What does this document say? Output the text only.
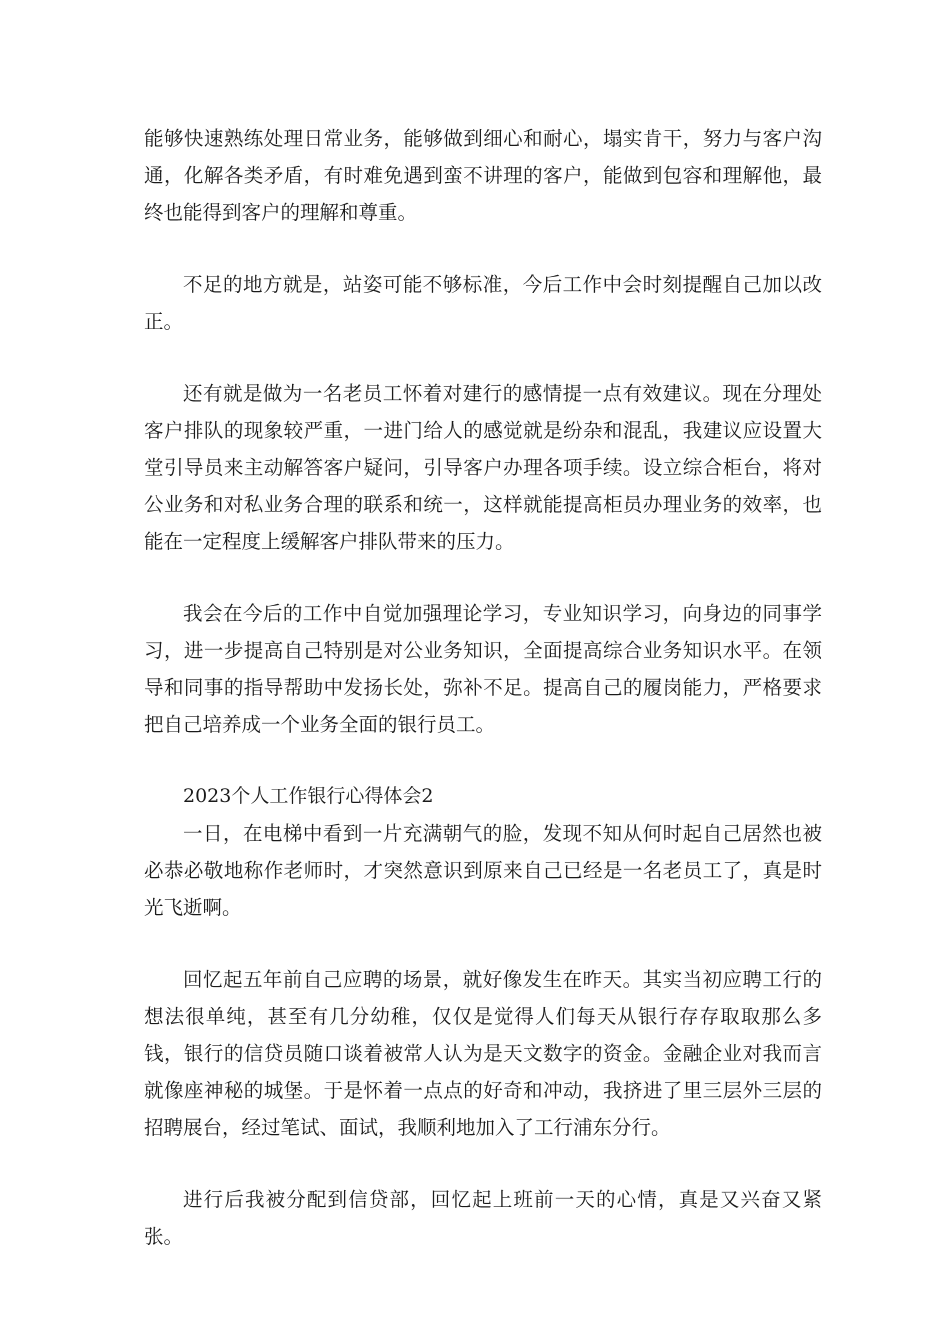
能够快速熟练处理日常业务，能够做到细心和耐心，塌实肯干，努力与客户沟通，化解各类矛盾，有时难免遇到蛮不讲理的客户，能做到包容和理解他，最终也能得到客户的理解和尊重。

不足的地方就是，站姿可能不够标准，今后工作中会时刻提醒自己加以改正。

还有就是做为一名老员工怀着对建行的感情提一点有效建议。现在分理处客户排队的现象较严重，一进门给人的感觉就是纷杂和混乱，我建议应设置大堂引导员来主动解答客户疑问，引导客户办理各项手续。设立综合柜台，将对公业务和对私业务合理的联系和统一，这样就能提高柜员办理业务的效率，也能在一定程度上缓解客户排队带来的压力。

我会在今后的工作中自觉加强理论学习，专业知识学习，向身边的同事学习，进一步提高自己特别是对公业务知识，全面提高综合业务知识水平。在领导和同事的指导帮助中发扬长处，弥补不足。提高自己的履岗能力，严格要求把自己培养成一个业务全面的银行员工。

2023个人工作银行心得体会2

一日，在电梯中看到一片充满朝气的脸，发现不知从何时起自己居然也被必恭必敬地称作老师时，才突然意识到原来自己已经是一名老员工了，真是时光飞逝啊。

回忆起五年前自己应聘的场景，就好像发生在昨天。其实当初应聘工行的想法很单纯，甚至有几分幼稚，仅仅是觉得人们每天从银行存存取取那么多钱，银行的信贷员随口谈着被常人认为是天文数字的资金。金融企业对我而言就像座神秘的城堡。于是怀着一点点的好奇和冲动，我挤进了里三层外三层的招聘展台，经过笔试、面试，我顺利地加入了工行浦东分行。

进行后我被分配到信贷部，回忆起上班前一天的心情，真是又兴奋又紧张。
